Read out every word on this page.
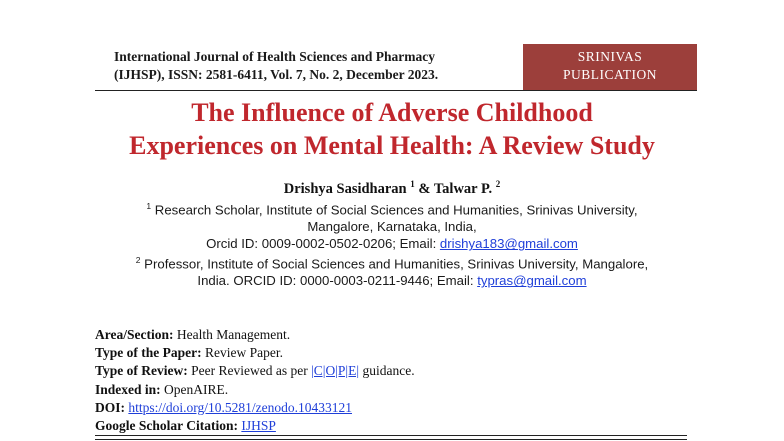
International Journal of Health Sciences and Pharmacy
(IJHSP), ISSN: 2581-6411, Vol. 7, No. 2, December 2023.
SRINIVAS
PUBLICATION
The Influence of Adverse Childhood
Experiences on Mental Health: A Review Study
Drishya Sasidharan $^1$ & Talwar P. $^2$
$^1$ Research Scholar, Institute of Social Sciences and Humanities, Srinivas University,
Mangalore, Karnataka, India,
Orcid ID: 0009-0002-0502-0206; Email: drishya183@gmail.com
$^2$ Professor, Institute of Social Sciences and Humanities, Srinivas University, Mangalore,
India. ORCID ID: 0000-0003-0211-9446; Email: typras@gmail.com
Area/Section: Health Management.
Type of the Paper: Review Paper.
Type of Review: Peer Reviewed as per |C|O|P|E| guidance.
Indexed in: OpenAIRE.
DOI: https://doi.org/10.5281/zenodo.10433121
Google Scholar Citation: IJHSP
